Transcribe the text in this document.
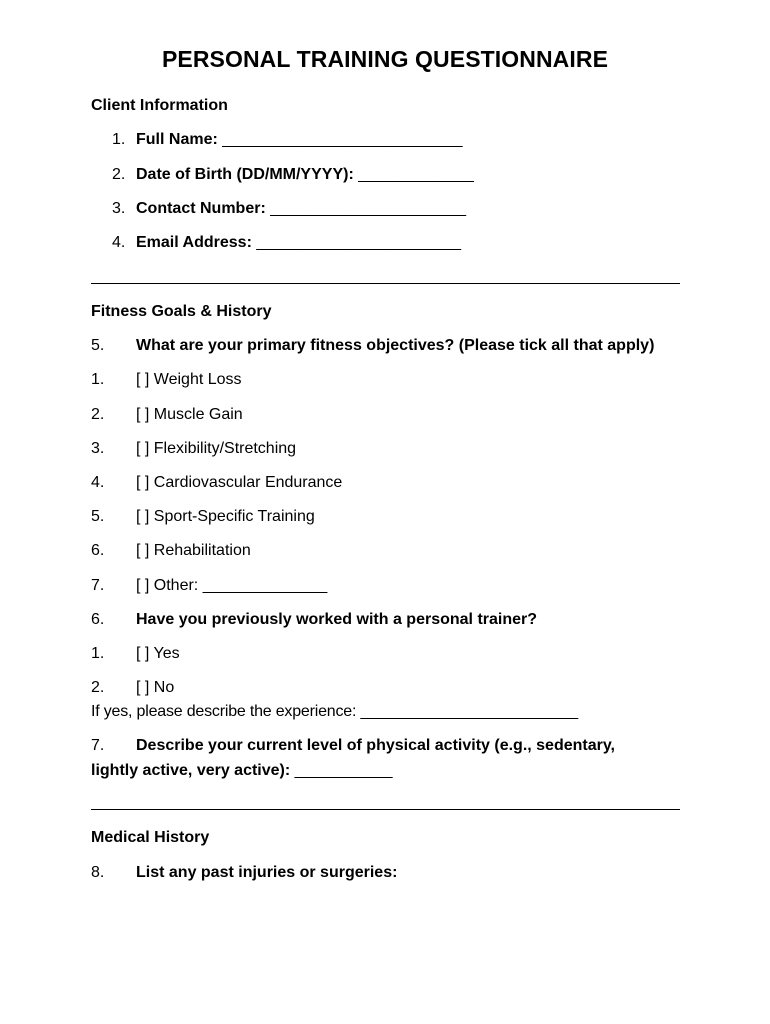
PERSONAL TRAINING QUESTIONNAIRE
Client Information
1. Full Name: ___________________________
2. Date of Birth (DD/MM/YYYY): _____________
3. Contact Number: ______________________
4. Email Address: _______________________
Fitness Goals & History
5. What are your primary fitness objectives? (Please tick all that apply)
1. [ ] Weight Loss
2. [ ] Muscle Gain
3. [ ] Flexibility/Stretching
4. [ ] Cardiovascular Endurance
5. [ ] Sport-Specific Training
6. [ ] Rehabilitation
7. [ ] Other: ______________
6. Have you previously worked with a personal trainer?
1. [ ] Yes
2. [ ] No
If yes, please describe the experience: _________________________
7. Describe your current level of physical activity (e.g., sedentary,
lightly active, very active): ___________
Medical History
8. List any past injuries or surgeries:
